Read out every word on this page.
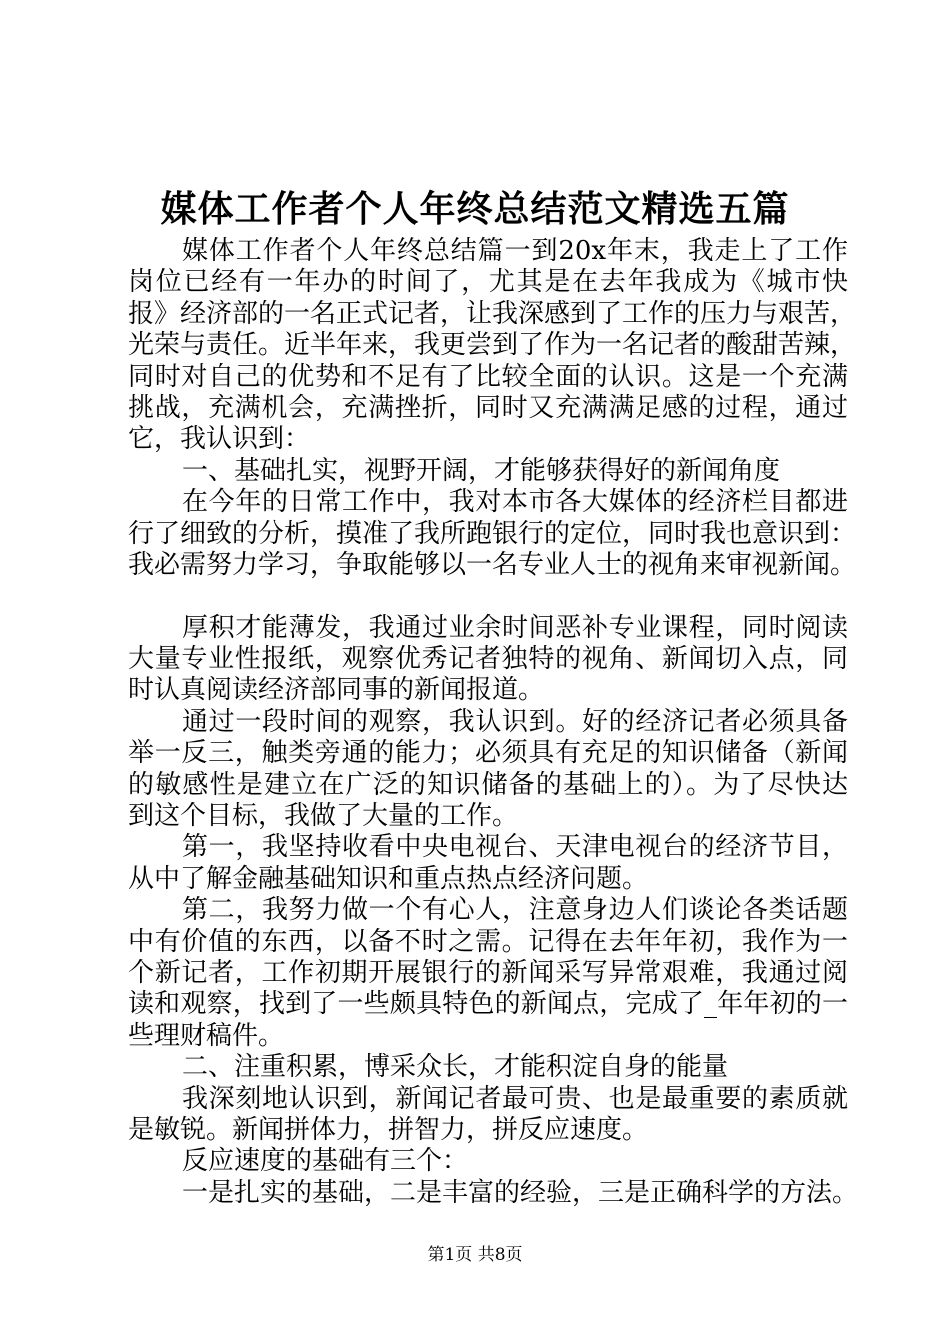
媒体工作者个人年终总结范文精选五篇
媒体工作者个人年终总结篇一到20x年末，我走上了工作
岗位已经有一年办的时间了，尤其是在去年我成为《城市快
报》经济部的一名正式记者，让我深感到了工作的压力与艰苦，
光荣与责任。近半年来，我更尝到了作为一名记者的酸甜苦辣，
同时对自己的优势和不足有了比较全面的认识。这是一个充满
挑战，充满机会，充满挫折，同时又充满满足感的过程，通过
它，我认识到：
一、基础扎实，视野开阔，才能够获得好的新闻角度
在今年的日常工作中，我对本市各大媒体的经济栏目都进
行了细致的分析，摸准了我所跑银行的定位，同时我也意识到：
我必需努力学习，争取能够以一名专业人士的视角来审视新闻。
厚积才能薄发，我通过业余时间恶补专业课程，同时阅读
大量专业性报纸，观察优秀记者独特的视角、新闻切入点，同
时认真阅读经济部同事的新闻报道。
通过一段时间的观察，我认识到。好的经济记者必须具备
举一反三，触类旁通的能力；必须具有充足的知识储备（新闻
的敏感性是建立在广泛的知识储备的基础上的）。为了尽快达
到这个目标，我做了大量的工作。
第一，我坚持收看中央电视台、天津电视台的经济节目，
从中了解金融基础知识和重点热点经济问题。
第二，我努力做一个有心人，注意身边人们谈论各类话题
中有价值的东西，以备不时之需。记得在去年年初，我作为一
个新记者，工作初期开展银行的新闻采写异常艰难，我通过阅
读和观察，找到了一些颇具特色的新闻点，完成了_年年初的一
些理财稿件。
二、注重积累，博采众长，才能积淀自身的能量
我深刻地认识到，新闻记者最可贵、也是最重要的素质就
是敏锐。新闻拼体力，拼智力，拼反应速度。
反应速度的基础有三个：
一是扎实的基础，二是丰富的经验，三是正确科学的方法。
第1页 共8页
